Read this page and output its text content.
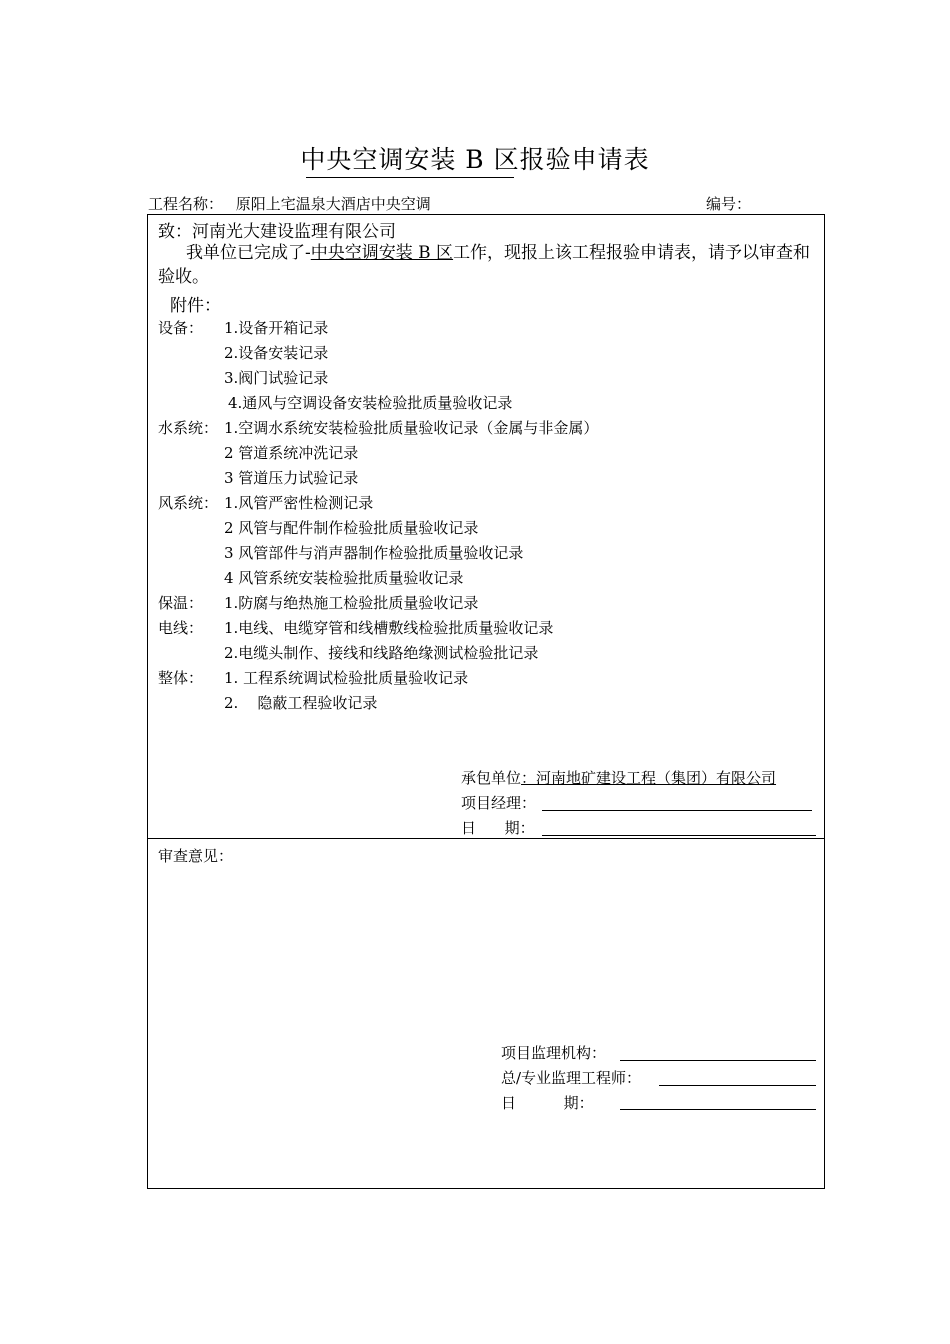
中央空调安装 B 区报验申请表
工程名称： 原阳上宅温泉大酒店中央空调	编号：
致：河南光大建设监理有限公司
我单位已完成了-中央空调安装 B 区工作，现报上该工程报验申请表，请予以审查和验收。
附件：
设备： 1.设备开箱记录
2.设备安装记录
3.阀门试验记录
4.通风与空调设备安装检验批质量验收记录
水系统： 1.空调水系统安装检验批质量验收记录（金属与非金属）
2 管道系统冲洗记录
3 管道压力试验记录
风系统： 1.风管严密性检测记录
2 风管与配件制作检验批质量验收记录
3 风管部件与消声器制作检验批质量验收记录
4 风管系统安装检验批质量验收记录
保温： 1.防腐与绝热施工检验批质量验收记录
电线： 1.电线、电缆穿管和线槽敷线检验批质量验收记录
2.电缆头制作、接线和线路绝缘测试检验批记录
整体： 1. 工程系统调试检验批质量验收记录
2.    隐蔽工程验收记录
承包单位：河南地矿建设工程（集团）有限公司
项目经理：
日      期：
审查意见：
项目监理机构：
总/专业监理工程师：
日          期：
